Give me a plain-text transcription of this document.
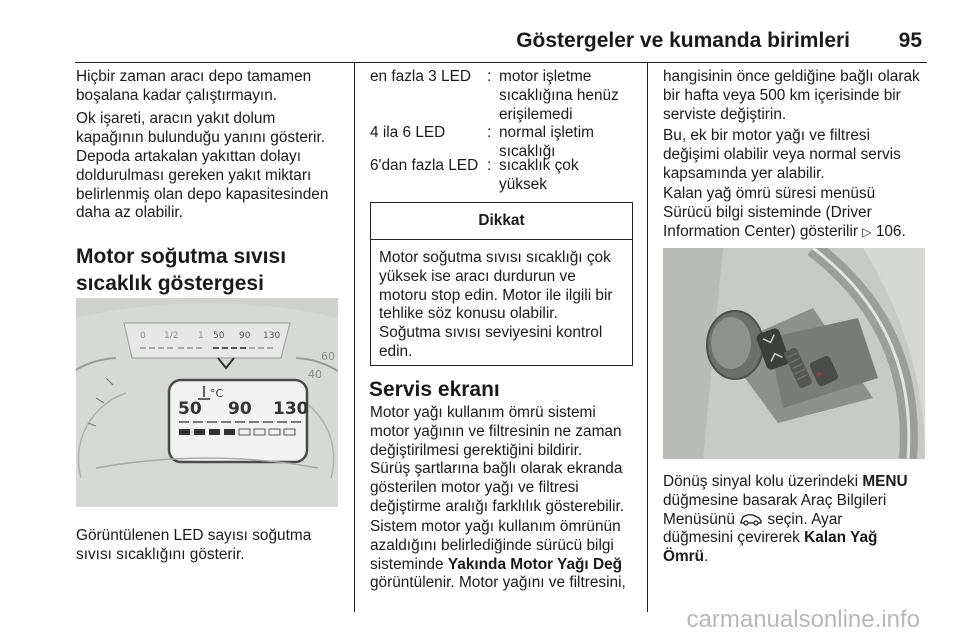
Göstergeler ve kumanda birimleri 95
Hiçbir zaman aracı depo tamamen
boşalana kadar çalıştırmayın.
Ok işareti, aracın yakıt dolum
kapağının bulunduğu yanını gösterir.
Depoda artakalan yakıttan dolayı
doldurulması gereken yakıt miktarı
belirlenmiş olan depo kapasitesinden
daha az olabilir.
Motor soğutma sıvısı
sıcaklık göstergesi
60
40
0 1/2 1 50 90 130
50 90 130
°C
Görüntülenen LED sayısı soğutma
sıvısı sıcaklığını gösterir.
en fazla 3 LED : motor işletme
sıcaklığına henüz
erişilemedi
4 ila 6 LED	: normal işletim
sıcaklığı
6'dan fazla LED : sıcaklık çok
yüksek
Dikkat
Motor soğutma sıvısı sıcaklığı çok
yüksek ise aracı durdurun ve
motoru stop edin. Motor ile ilgili bir
tehlike söz konusu olabilir.
Soğutma sıvısı seviyesini kontrol
edin.
Servis ekranı
Motor yağı kullanım ömrü sistemi
motor yağının ve filtresinin ne zaman
değiştirilmesi gerektiğini bildirir.
Sürüş şartlarına bağlı olarak ekranda
gösterilen motor yağı ve filtresi
değiştirme aralığı farklılık gösterebilir.
Sistem motor yağı kullanım ömrünün
azaldığını belirlediğinde sürücü bilgi
sisteminde Yakında Motor Yağı Değ
görüntülenir. Motor yağını ve filtresini,
hangisinin önce geldiğine bağlı olarak
bir hafta veya 500 km içerisinde bir
serviste değiştirin.
Bu, ek bir motor yağı ve filtresi
değişimi olabilir veya normal servis
kapsamında yer alabilir.
Kalan yağ ömrü süresi menüsü
Sürücü bilgi sisteminde (Driver
Information Center) gösterilir ▷ 106.
☀
Dönüş sinyal kolu üzerindeki MENU
düğmesine basarak Araç Bilgileri
Menüsünü  seçin. Ayar
düğmesini çevirerek Kalan Yağ
Ömrü.
carmanualsonline.info
